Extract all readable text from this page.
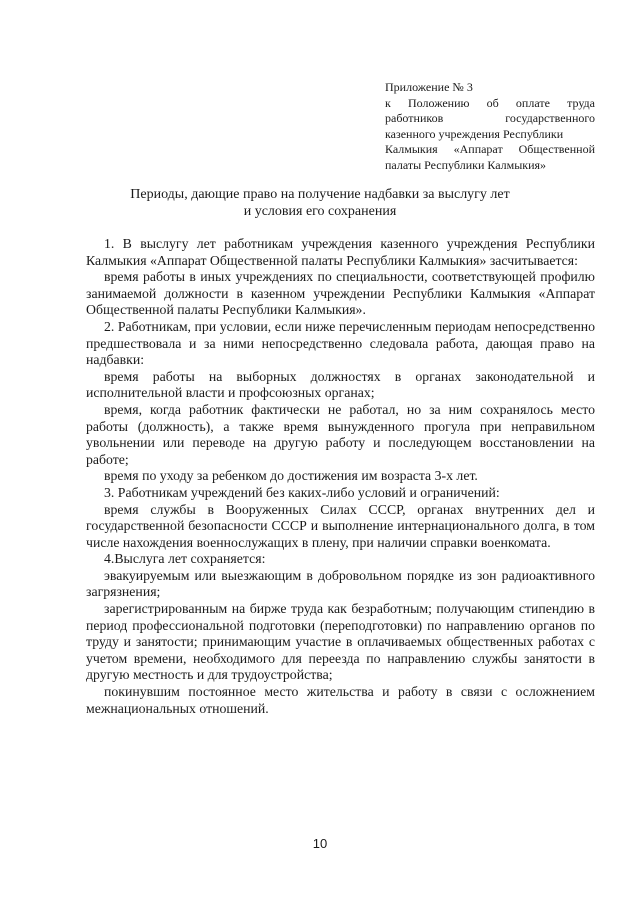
Приложение № 3
к Положению об оплате труда
работников государственного
казенного учреждения Республики
Калмыкия «Аппарат Общественной
палаты Республики Калмыкия»
Периоды, дающие право на получение надбавки за выслугу лет
и условия его сохранения

1. В выслугу лет работникам учреждения казенного учреждения Республики Калмыкия «Аппарат Общественной палаты Республики Калмыкия» засчитывается:

время работы в иных учреждениях по специальности, соответствующей профилю занимаемой должности в казенном учреждении Республики Калмыкия «Аппарат Общественной палаты Республики Калмыкия».

2. Работникам, при условии, если ниже перечисленным периодам непосредственно предшествовала и за ними непосредственно следовала работа, дающая право на надбавки:

время работы на выборных должностях в органах законодательной и исполнительной власти и профсоюзных органах;

время, когда работник фактически не работал, но за ним сохранялось место работы (должность), а также время вынужденного прогула при неправильном увольнении или переводе на другую работу и последующем восстановлении на работе;

время по уходу за ребенком до достижения им возраста 3-х лет.

3. Работникам учреждений без каких-либо условий и ограничений:

время службы в Вооруженных Силах СССР, органах внутренних дел и государственной безопасности СССР и выполнение интернационального долга, в том числе нахождения военнослужащих в плену, при наличии справки военкомата.

4.Выслуга лет сохраняется:

эвакуируемым или выезжающим в добровольном порядке из зон радиоактивного загрязнения;

зарегистрированным на бирже труда как безработным; получающим стипендию в период профессиональной подготовки (переподготовки) по направлению органов по труду и занятости; принимающим участие в оплачиваемых общественных работах с учетом времени, необходимого для переезда по направлению службы занятости в другую местность и для трудоустройства;

покинувшим постоянное место жительства и работу в связи с осложнением межнациональных отношений.

10
